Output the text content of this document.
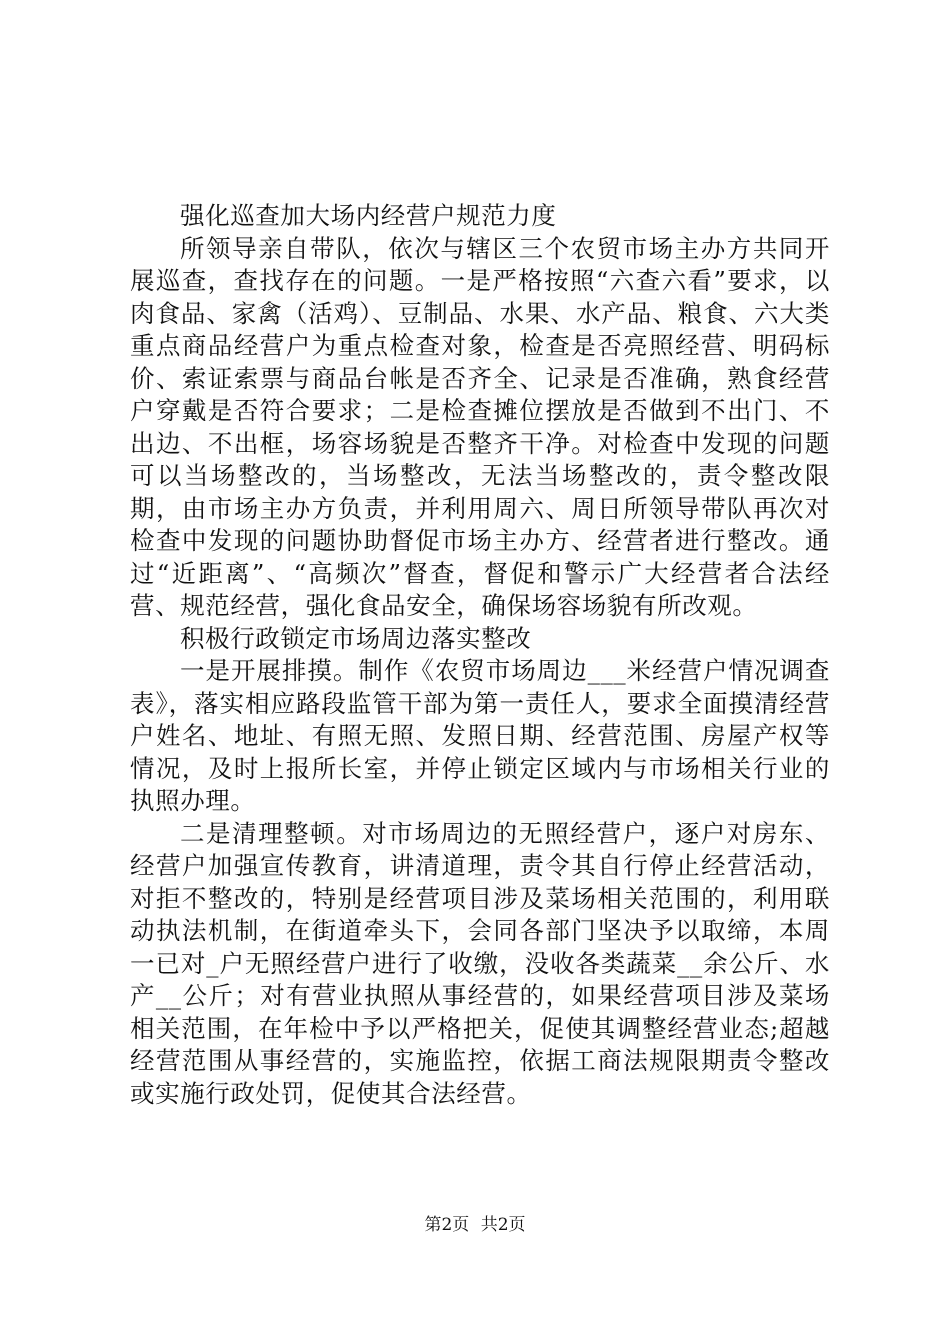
强化巡查加大场内经营户规范力度

所领导亲自带队，依次与辖区三个农贸市场主办方共同开展巡查，查找存在的问题。一是严格按照“六查六看”要求，以肉食品、家禽（活鸡）、豆制品、水果、水产品、粮食、六大类重点商品经营户为重点检查对象，检查是否亮照经营、明码标价、索证索票与商品台帐是否齐全、记录是否准确，熟食经营户穿戴是否符合要求；二是检查摊位摆放是否做到不出门、不出边、不出框，场容场貌是否整齐干净。对检查中发现的问题可以当场整改的，当场整改，无法当场整改的，责令整改限期，由市场主办方负责，并利用周六、周日所领导带队再次对检查中发现的问题协助督促市场主办方、经营者进行整改。通过“近距离”、“高频次”督查，督促和警示广大经营者合法经营、规范经营，强化食品安全，确保场容场貌有所改观。

积极行政锁定市场周边落实整改

一是开展排摸。制作《农贸市场周边___米经营户情况调查表》，落实相应路段监管干部为第一责任人，要求全面摸清经营户姓名、地址、有照无照、发照日期、经营范围、房屋产权等情况，及时上报所长室，并停止锁定区域内与市场相关行业的执照办理。

二是清理整顿。对市场周边的无照经营户，逐户对房东、经营户加强宣传教育，讲清道理，责令其自行停止经营活动，对拒不整改的，特别是经营项目涉及菜场相关范围的，利用联动执法机制，在街道牵头下，会同各部门坚决予以取缔，本周一已对_户无照经营户进行了收缴，没收各类蔬菜__余公斤、水产__公斤；对有营业执照从事经营的，如果经营项目涉及菜场相关范围，在年检中予以严格把关，促使其调整经营业态;超越经营范围从事经营的，实施监控，依据工商法规限期责令整改或实施行政处罚，促使其合法经营。

第2页 共2页
